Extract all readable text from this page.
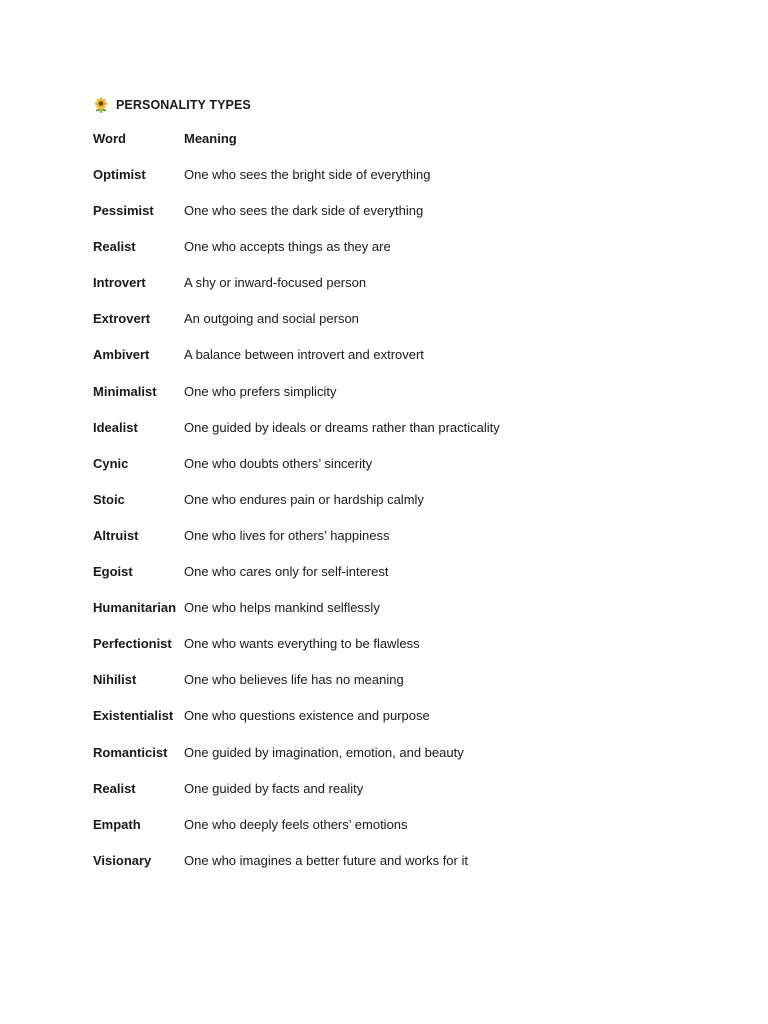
PERSONALITY TYPES
Word	Meaning
Optimist	One who sees the bright side of everything
Pessimist	One who sees the dark side of everything
Realist	One who accepts things as they are
Introvert	A shy or inward-focused person
Extrovert	An outgoing and social person
Ambivert	A balance between introvert and extrovert
Minimalist	One who prefers simplicity
Idealist	One guided by ideals or dreams rather than practicality
Cynic	One who doubts others’ sincerity
Stoic	One who endures pain or hardship calmly
Altruist	One who lives for others’ happiness
Egoist	One who cares only for self-interest
Humanitarian One who helps mankind selflessly
Perfectionist One who wants everything to be flawless
Nihilist	One who believes life has no meaning
Existentialist One who questions existence and purpose
Romanticist	One guided by imagination, emotion, and beauty
Realist	One guided by facts and reality
Empath	One who deeply feels others’ emotions
Visionary	One who imagines a better future and works for it
